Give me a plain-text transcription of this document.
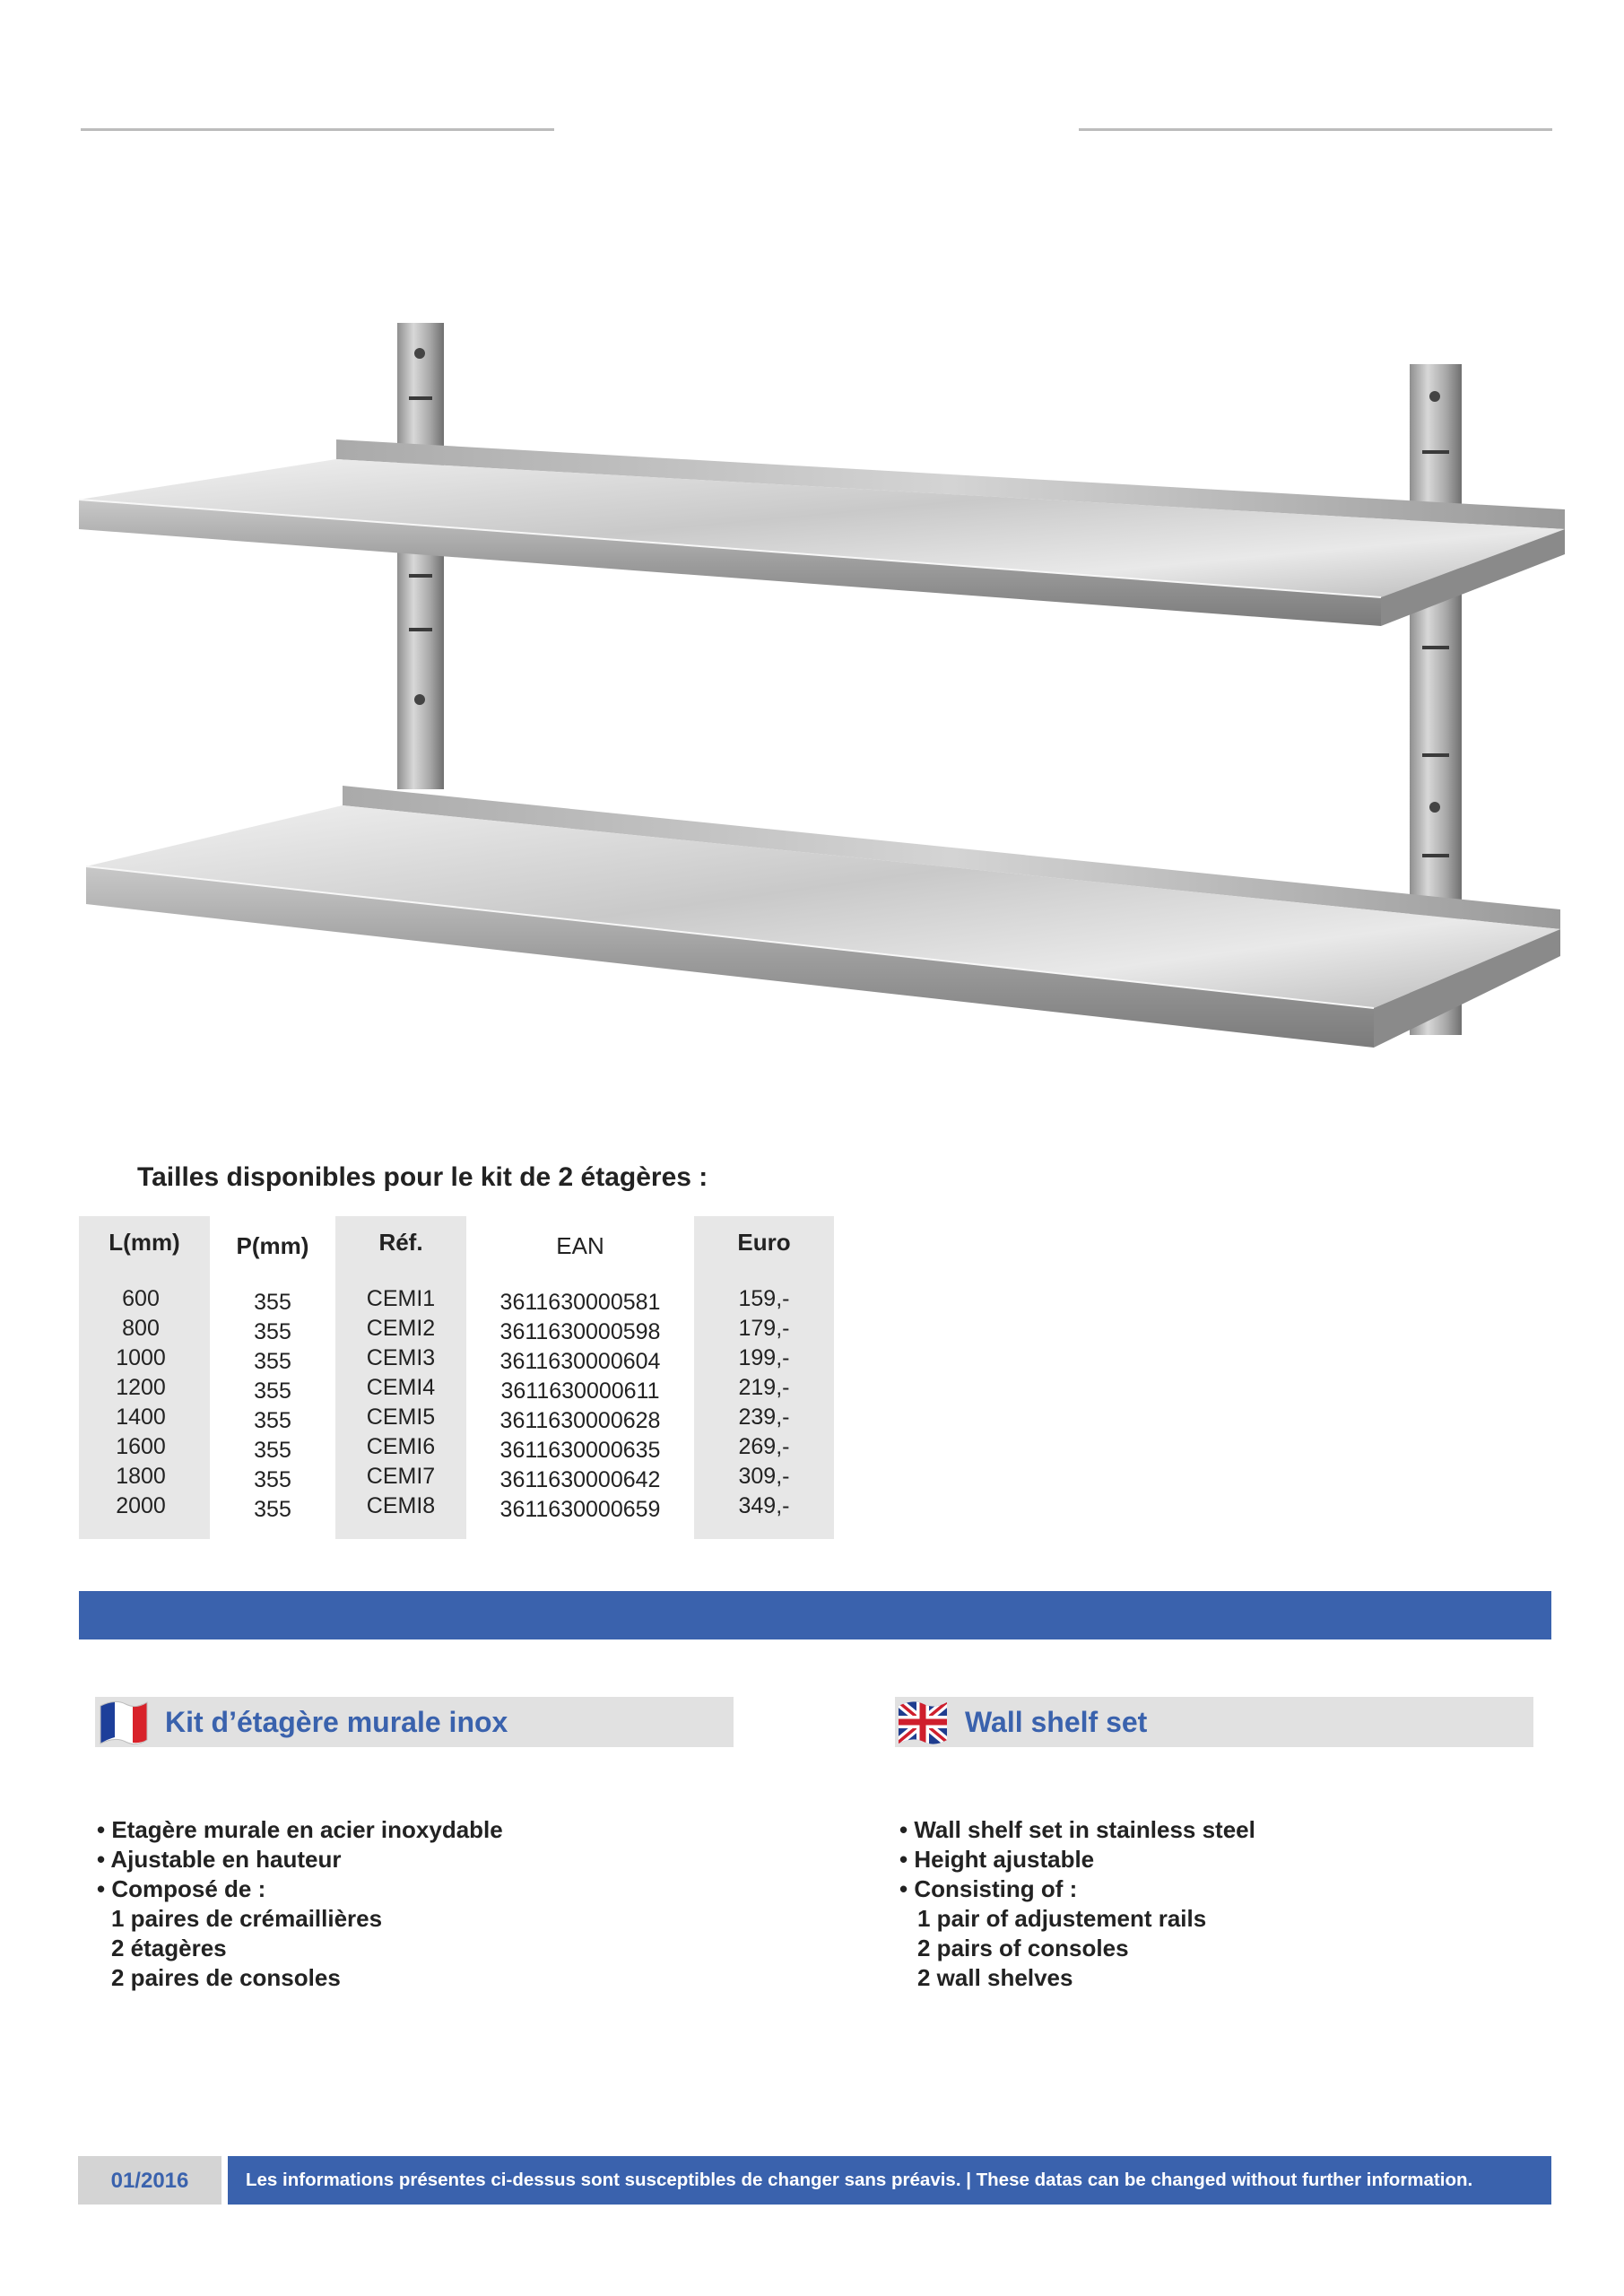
Tailles disponibles pour le kit de 2 étagères :
L(mm)
600
800
1000
1200
1400
1600
1800
2000
P(mm)
355
355
355
355
355
355
355
355
Réf.
CEMI1
CEMI2
CEMI3
CEMI4
CEMI5
CEMI6
CEMI7
CEMI8
EAN
3611630000581
3611630000598
3611630000604
3611630000611
3611630000628
3611630000635
3611630000642
3611630000659
Euro
159,-
179,-
199,-
219,-
239,-
269,-
309,-
349,-
Kit d’étagère murale inox
• Etagère murale en acier inoxydable
• Ajustable en hauteur
• Composé de :
1 paires de crémaillières
2 étagères
2 paires de consoles
Wall shelf set
• Wall shelf set in stainless steel
• Height ajustable
• Consisting of :
1 pair of adjustement rails
2 pairs of consoles
2 wall shelves
01/2016	Les informations présentes ci-dessus sont susceptibles de changer sans préavis. | These datas can be changed without further information.
